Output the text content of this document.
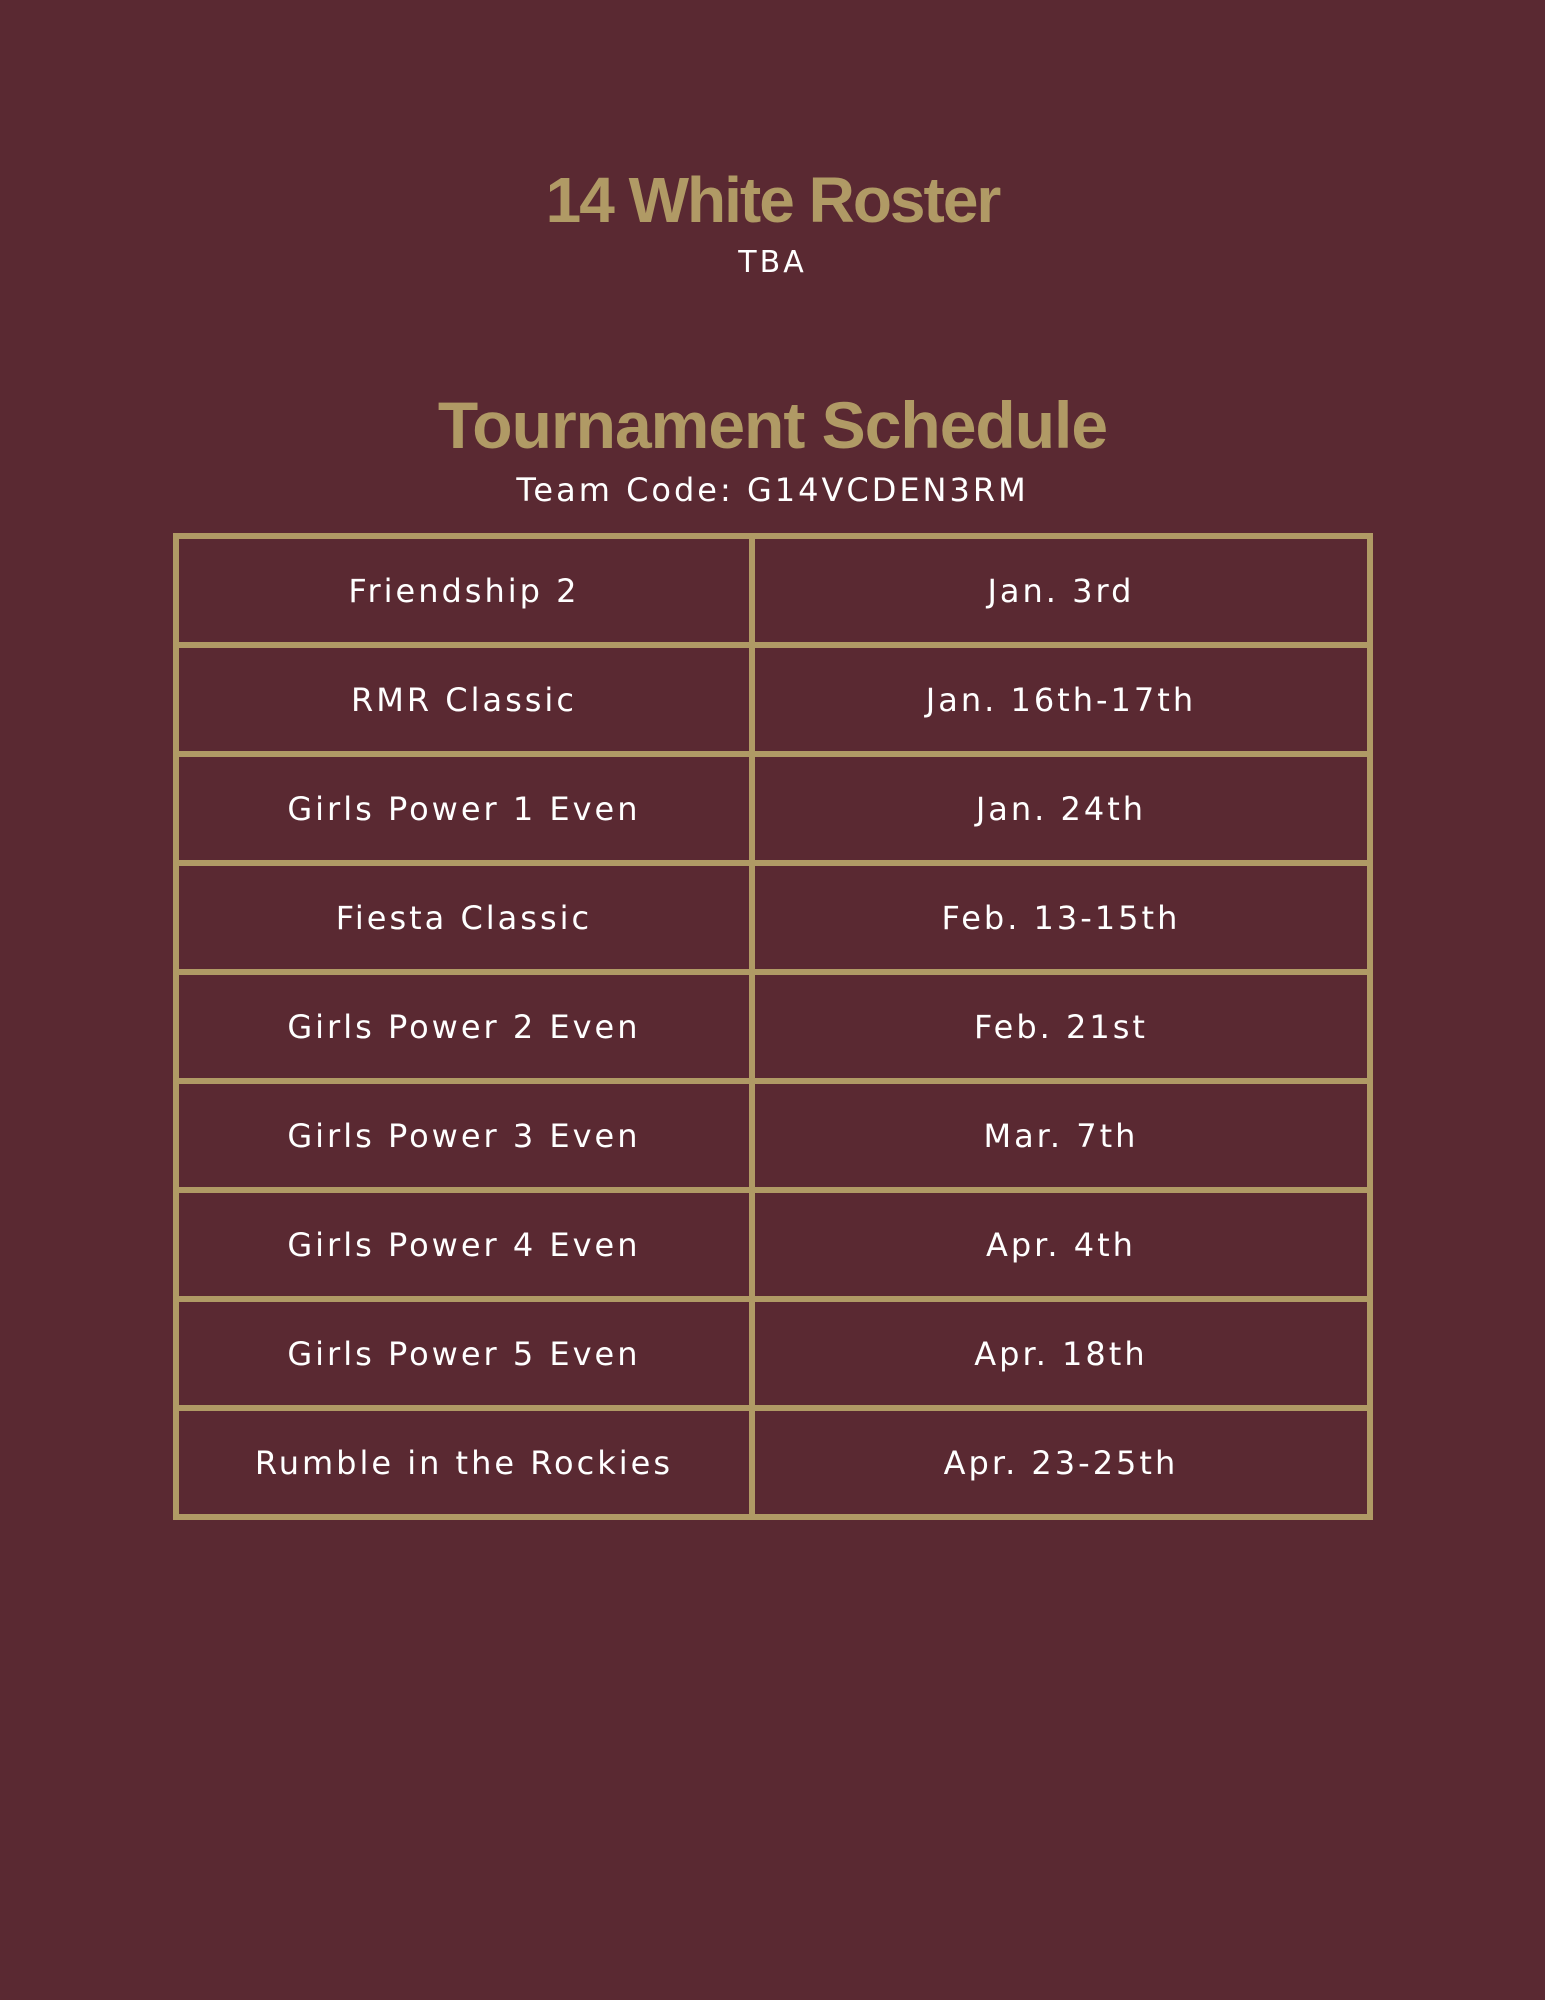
14 White Roster
TBA
Tournament Schedule
Team Code: G14VCDEN3RM
Friendship 2	Jan. 3rd
RMR Classic	Jan. 16th-17th
Girls Power 1 Even	Jan. 24th
Fiesta Classic	Feb. 13-15th
Girls Power 2 Even	Feb. 21st
Girls Power 3 Even	Mar. 7th
Girls Power 4 Even	Apr. 4th
Girls Power 5 Even	Apr. 18th
Rumble in the Rockies	Apr. 23-25th
